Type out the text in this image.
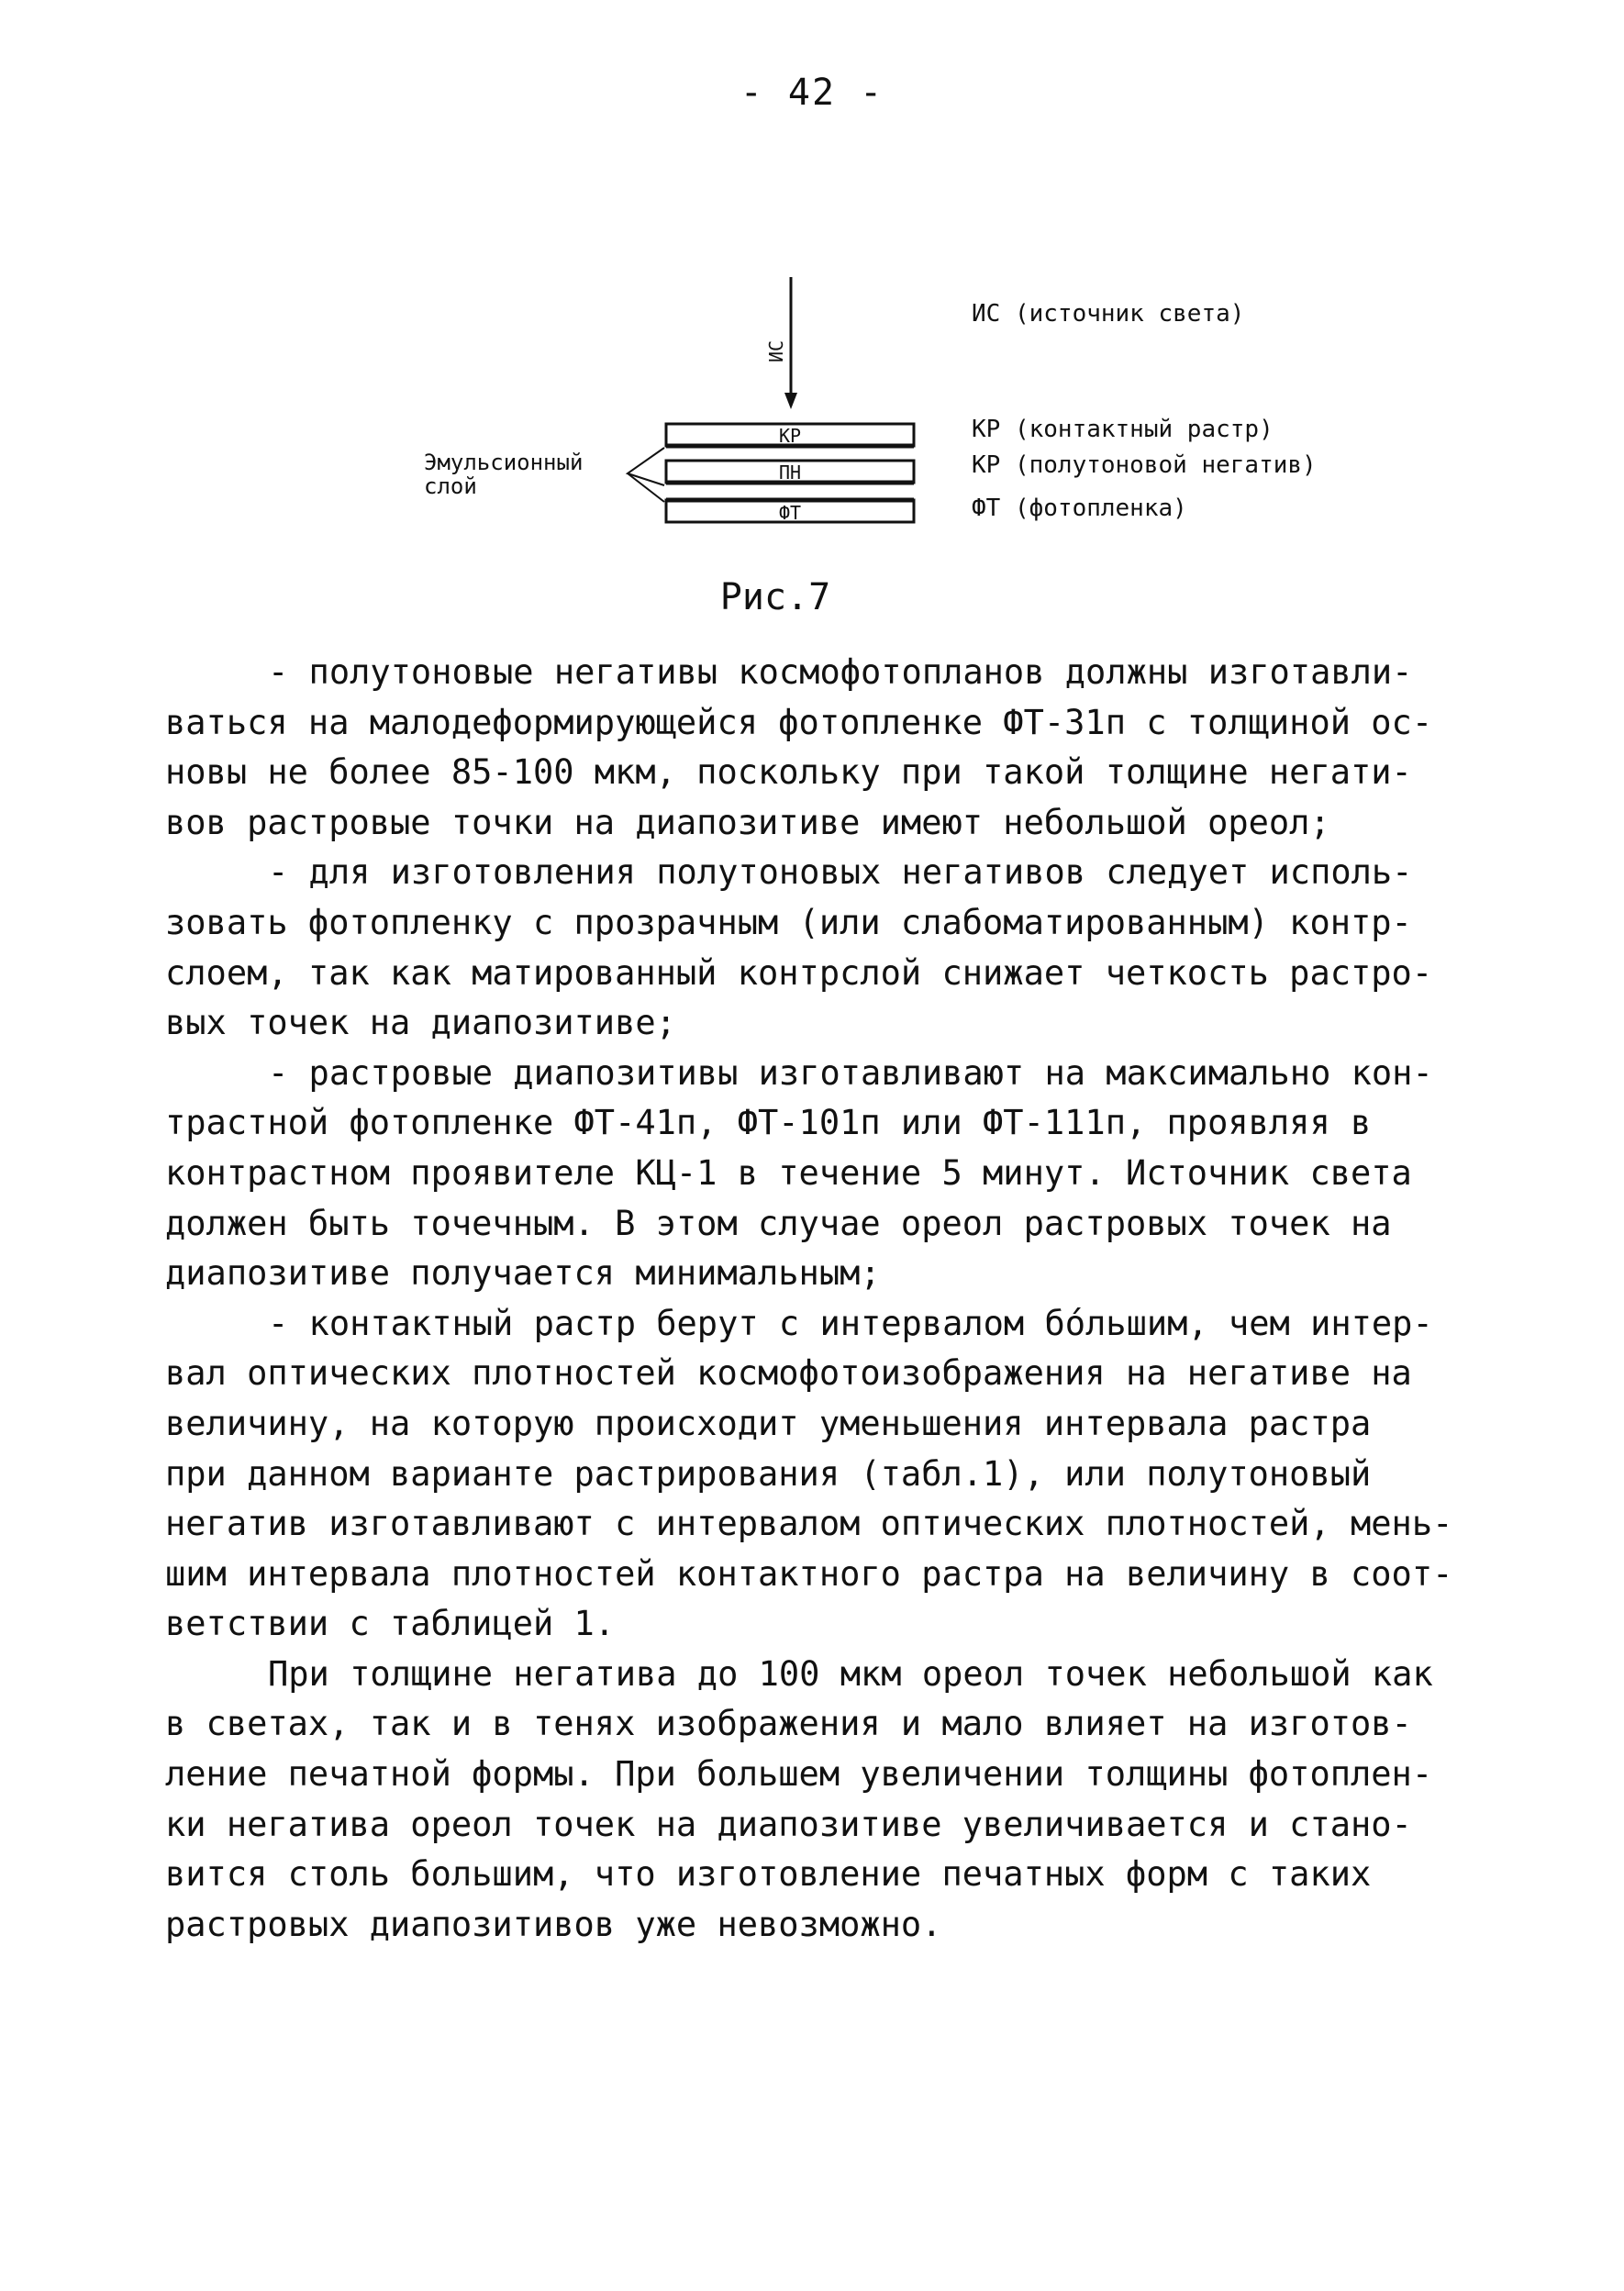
- 42 -
ИС
КР
ПН
ФТ
Эмульсионный
слой
ИС (источник света)
КР (контактный растр)
КР (полутоновой негатив)
ФТ (фотопленка)
Рис.7
- полутоновые негативы космофотопланов должны изготавли-
ваться на малодеформирующейся фотопленке ФТ-31п с толщиной ос-
новы не более 85-100 мкм, поскольку при такой толщине негати-
вов растровые точки на диапозитиве имеют небольшой ореол;
- для изготовления полутоновых негативов следует исполь-
зовать фотопленку с прозрачным (или слабоматированным) контр-
слоем, так как матированный контрслой снижает четкость растро-
вых точек на диапозитиве;
- растровые диапозитивы изготавливают на максимально кон-
трастной фотопленке ФТ-41п, ФТ-101п или ФТ-111п, проявляя в
контрастном проявителе КЦ-1 в течение 5 минут. Источник света
должен быть точечным. В этом случае ореол растровых точек на
диапозитиве получается минимальным;
- контактный растр берут с интервалом бо́льшим, чем интер-
вал оптических плотностей космофотоизображения на негативе на
величину, на которую происходит уменьшения интервала растра
при данном варианте растрирования (табл.1), или полутоновый
негатив изготавливают с интервалом оптических плотностей, мень-
шим интервала плотностей контактного растра на величину в соот-
ветствии с таблицей 1.
При толщине негатива до 100 мкм ореол точек небольшой как
в светах, так и в тенях изображения и мало влияет на изготов-
ление печатной формы. При большем увеличении толщины фотоплен-
ки негатива ореол точек на диапозитиве увеличивается и стано-
вится столь большим, что изготовление печатных форм с таких
растровых диапозитивов уже невозможно.
